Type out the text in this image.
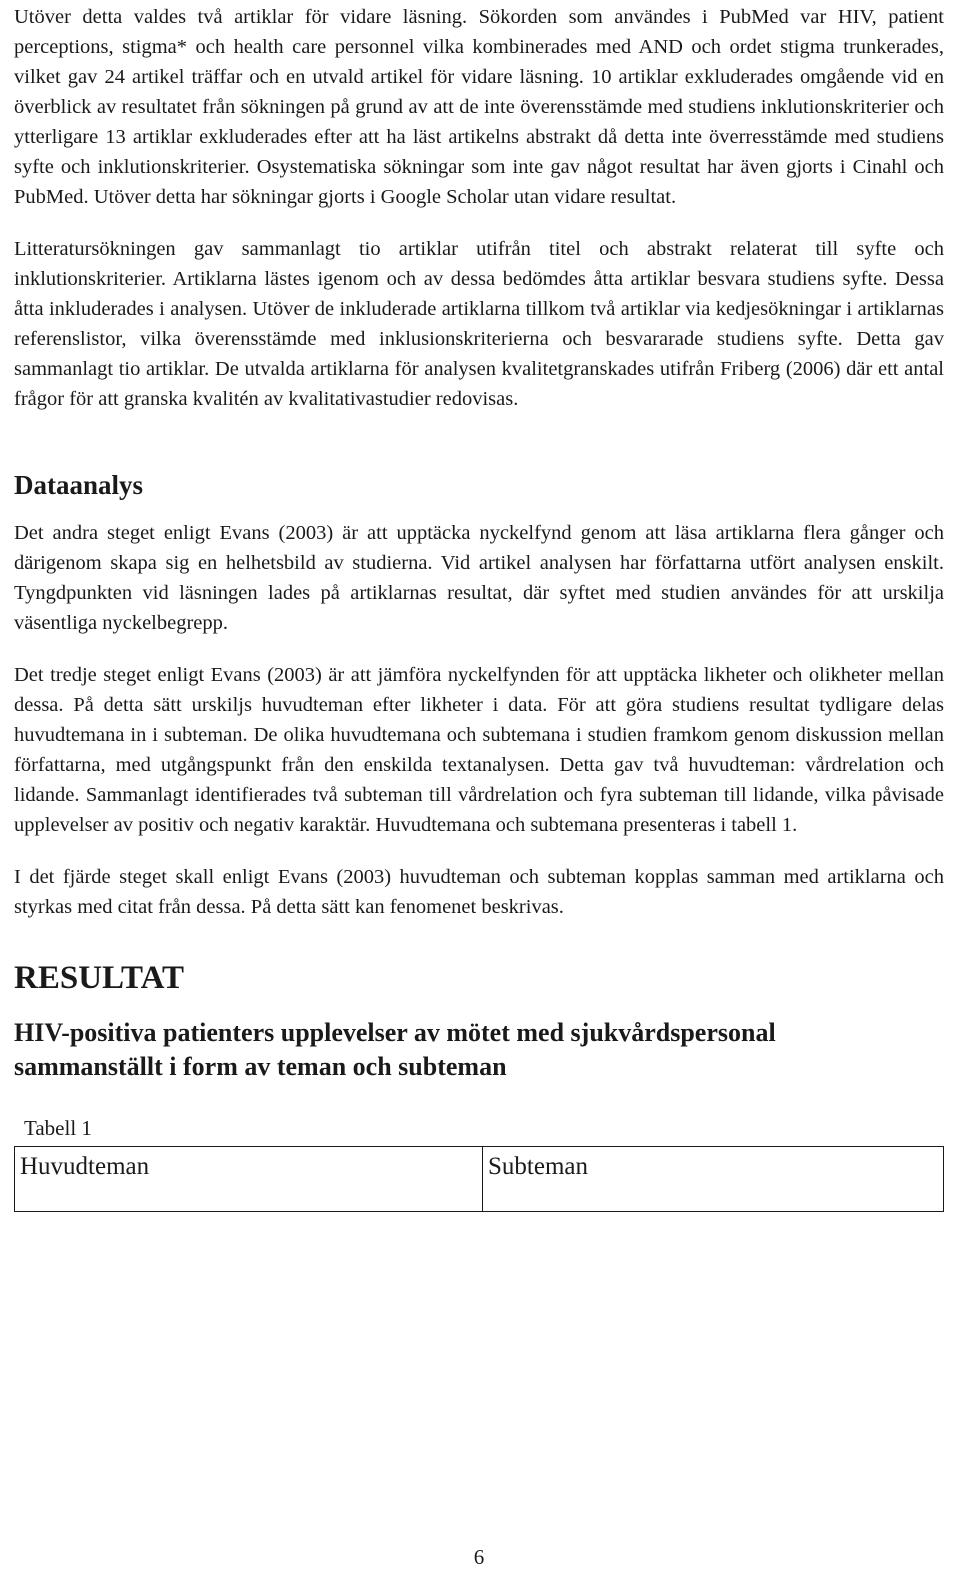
Utöver detta valdes två artiklar för vidare läsning. Sökorden som användes i PubMed var HIV, patient perceptions, stigma* och health care personnel vilka kombinerades med AND och ordet stigma trunkerades, vilket gav 24 artikel träffar och en utvald artikel för vidare läsning. 10 artiklar exkluderades omgående vid en överblick av resultatet från sökningen på grund av att de inte överensstämde med studiens inklutionskriterier och ytterligare 13 artiklar exkluderades efter att ha läst artikelns abstrakt då detta inte överresstämde med studiens syfte och inklutionskriterier. Osystematiska sökningar som inte gav något resultat har även gjorts i Cinahl och PubMed. Utöver detta har sökningar gjorts i Google Scholar utan vidare resultat.

Litteratursökningen gav sammanlagt tio artiklar utifrån titel och abstrakt relaterat till syfte och inklutionskriterier. Artiklarna lästes igenom och av dessa bedömdes åtta artiklar besvara studiens syfte. Dessa åtta inkluderades i analysen. Utöver de inkluderade artiklarna tillkom två artiklar via kedjesökningar i artiklarnas referenslistor, vilka överensstämde med inklusionskriterierna och besvararade studiens syfte. Detta gav sammanlagt tio artiklar. De utvalda artiklarna för analysen kvalitetgranskades utifrån Friberg (2006) där ett antal frågor för att granska kvalitén av kvalitativastudier redovisas.

Dataanalys

Det andra steget enligt Evans (2003) är att upptäcka nyckelfynd genom att läsa artiklarna flera gånger och därigenom skapa sig en helhetsbild av studierna. Vid artikel analysen har författarna utfört analysen enskilt. Tyngdpunkten vid läsningen lades på artiklarnas resultat, där syftet med studien användes för att urskilja väsentliga nyckelbegrepp.

Det tredje steget enligt Evans (2003) är att jämföra nyckelfynden för att upptäcka likheter och olikheter mellan dessa. På detta sätt urskiljs huvudteman efter likheter i data. För att göra studiens resultat tydligare delas huvudtemana in i subteman. De olika huvudtemana och subtemana i studien framkom genom diskussion mellan författarna, med utgångspunkt från den enskilda textanalysen. Detta gav två huvudteman: vårdrelation och lidande. Sammanlagt identifierades två subteman till vårdrelation och fyra subteman till lidande, vilka påvisade upplevelser av positiv och negativ karaktär. Huvudtemana och subtemana presenteras i tabell 1.

I det fjärde steget skall enligt Evans (2003) huvudteman och subteman kopplas samman med artiklarna och styrkas med citat från dessa. På detta sätt kan fenomenet beskrivas.

RESULTAT
HIV-positiva patienters upplevelser av mötet med sjukvårdspersonal
sammanställt i form av teman och subteman
Tabell 1
Huvudteman	Subteman
6
